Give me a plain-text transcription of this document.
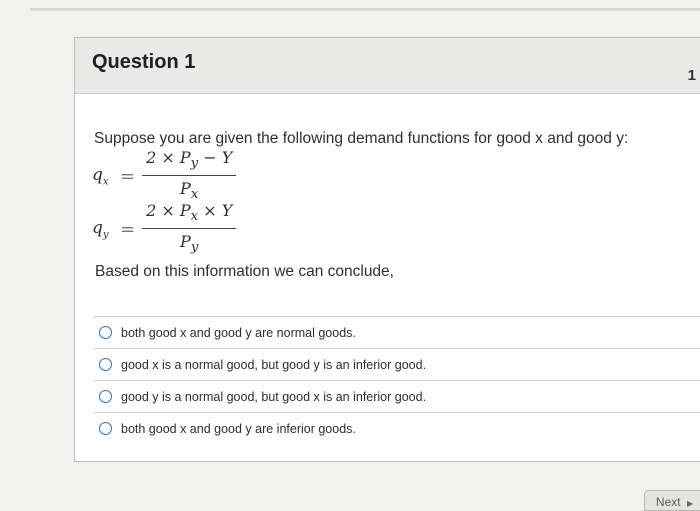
Question 1
1
Suppose you are given the following demand functions for good x and good y:
$q_x = \frac{2 \times P_y - Y}{P_x}$
$q_y = \frac{2 \times P_x \times Y}{P_y}$
Based on this information we can conclude,
both good x and good y are normal goods.
good x is a normal good, but good y is an inferior good.
good y is a normal good, but good x is an inferior good.
both good x and good y are inferior goods.
Next ▶
